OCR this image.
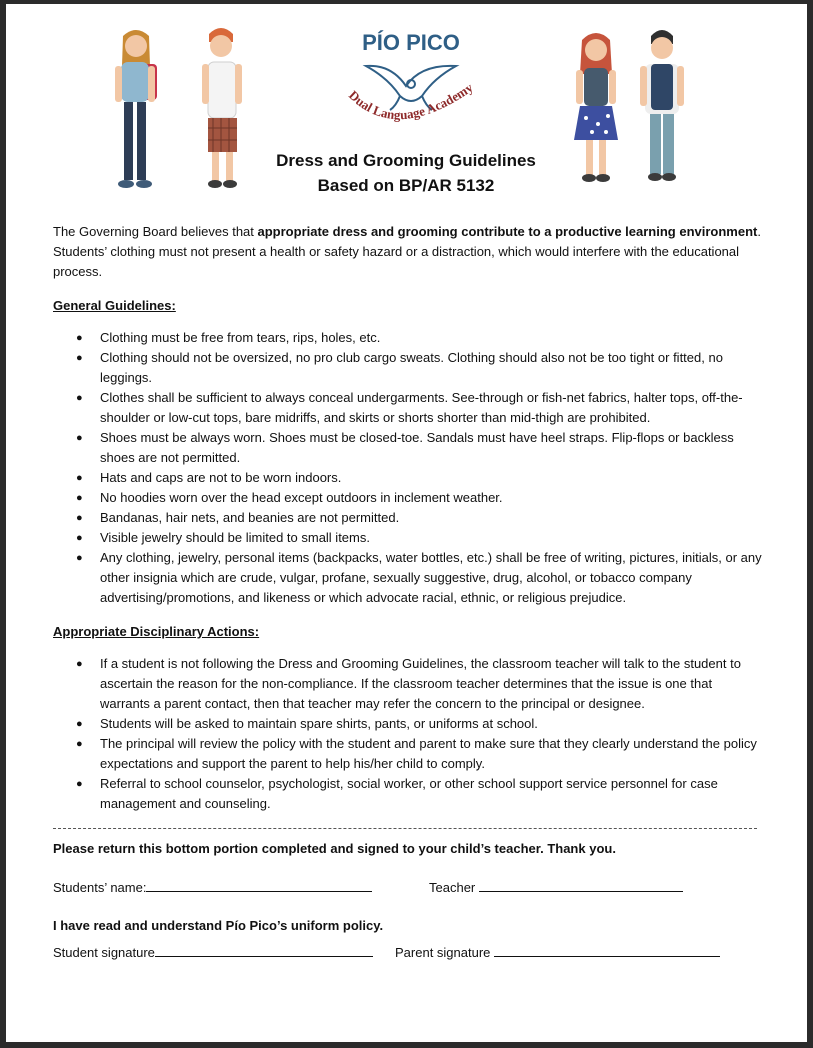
PÍO PICO
Dual Language Academy
Dress and Grooming Guidelines
Based on BP/AR 5132

The Governing Board believes that appropriate dress and grooming contribute to a productive learning environment. Students’ clothing must not present a health or safety hazard or a distraction, which would interfere with the educational process.

General Guidelines:
● Clothing must be free from tears, rips, holes, etc.
● Clothing should not be oversized, no pro club cargo sweats. Clothing should also not be too tight or fitted, no leggings.
● Clothes shall be sufficient to always conceal undergarments. See-through or fish-net fabrics, halter tops, off-the-shoulder or low-cut tops, bare midriffs, and skirts or shorts shorter than mid-thigh are prohibited.
● Shoes must be always worn. Shoes must be closed-toe. Sandals must have heel straps. Flip-flops or backless shoes are not permitted.
● Hats and caps are not to be worn indoors.
● No hoodies worn over the head except outdoors in inclement weather.
● Bandanas, hair nets, and beanies are not permitted.
● Visible jewelry should be limited to small items.
● Any clothing, jewelry, personal items (backpacks, water bottles, etc.) shall be free of writing, pictures, initials, or any other insignia which are crude, vulgar, profane, sexually suggestive, drug, alcohol, or tobacco company advertising/promotions, and likeness or which advocate racial, ethnic, or religious prejudice.
Appropriate Disciplinary Actions:
● If a student is not following the Dress and Grooming Guidelines, the classroom teacher will talk to the student to ascertain the reason for the non-compliance. If the classroom teacher determines that the issue is one that warrants a parent contact, then that teacher may refer the concern to the principal or designee.
● Students will be asked to maintain spare shirts, pants, or uniforms at school.
● The principal will review the policy with the student and parent to make sure that they clearly understand the policy expectations and support the parent to help his/her child to comply.
● Referral to school counselor, psychologist, social worker, or other school support service personnel for case management and counseling.
Please return this bottom portion completed and signed to your child’s teacher. Thank you.
Students’ name:	Teacher
I have read and understand Pío Pico’s uniform policy.
Student signature	Parent signature
